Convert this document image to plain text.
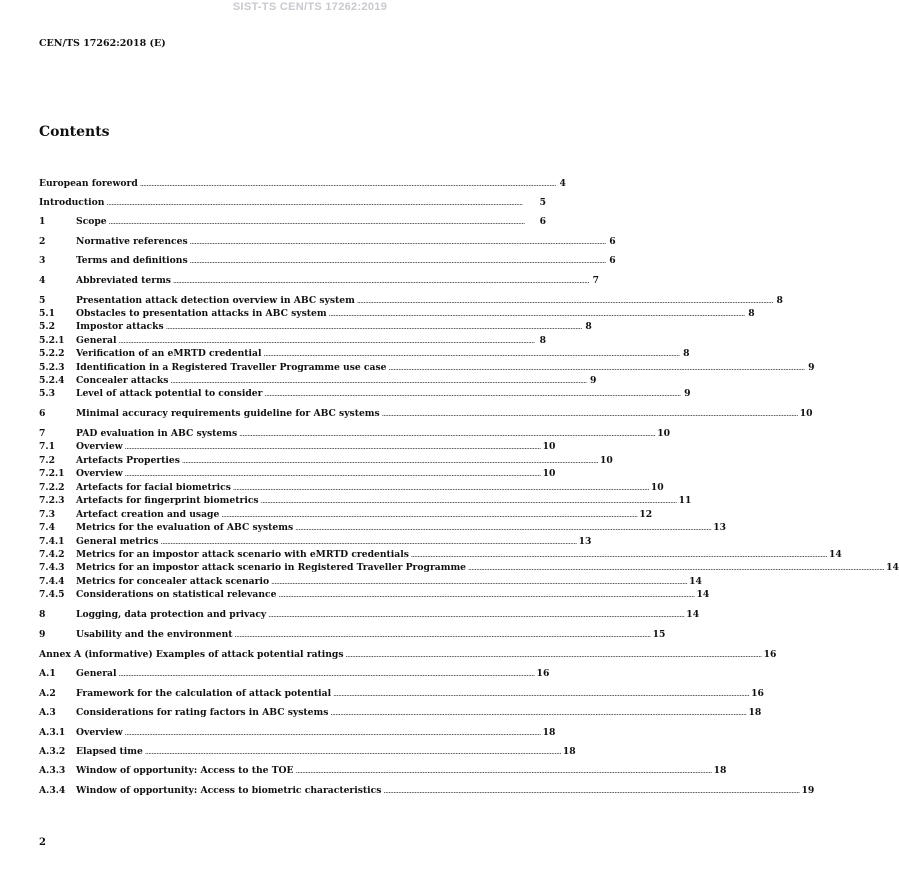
SIST-TS CEN/TS 17262:2019
CEN/TS 17262:2018 (E)
Contents
European foreword .....	4
Introduction .....	5
1	Scope .....	6
2	Normative references .....	6
3	Terms and definitions .....	6
4	Abbreviated terms .....	7
5	Presentation attack detection overview in ABC system .....	8
5.1	Obstacles to presentation attacks in ABC system .....	8
5.2	Impostor attacks .....	8
5.2.1	General .....	8
5.2.2	Verification of an eMRTD credential .....	8
5.2.3	Identification in a Registered Traveller Programme use case .....	9
5.2.4	Concealer attacks .....	9
5.3	Level of attack potential to consider .....	9
6	Minimal accuracy requirements guideline for ABC systems .....	10
7	PAD evaluation in ABC systems .....	10
7.1	Overview .....	10
7.2	Artefacts Properties .....	10
7.2.1	Overview .....	10
7.2.2	Artefacts for facial biometrics .....	10
7.2.3	Artefacts for fingerprint biometrics .....	11
7.3	Artefact creation and usage .....	12
7.4	Metrics for the evaluation of ABC systems .....	13
7.4.1	General metrics .....	13
7.4.2	Metrics for an impostor attack scenario with eMRTD credentials .....	14
7.4.3	Metrics for an impostor attack scenario in Registered Traveller Programme .....	14
7.4.4	Metrics for concealer attack scenario .....	14
7.4.5	Considerations on statistical relevance .....	14
8	Logging, data protection and privacy .....	14
9	Usability and the environment .....	15
Annex A (informative) Examples of attack potential ratings .....	16
A.1	General .....	16
A.2	Framework for the calculation of attack potential .....	16
A.3	Considerations for rating factors in ABC systems .....	18
A.3.1	Overview .....	18
A.3.2	Elapsed time .....	18
A.3.3	Window of opportunity: Access to the TOE .....	18
A.3.4	Window of opportunity: Access to biometric characteristics .....	19
2
